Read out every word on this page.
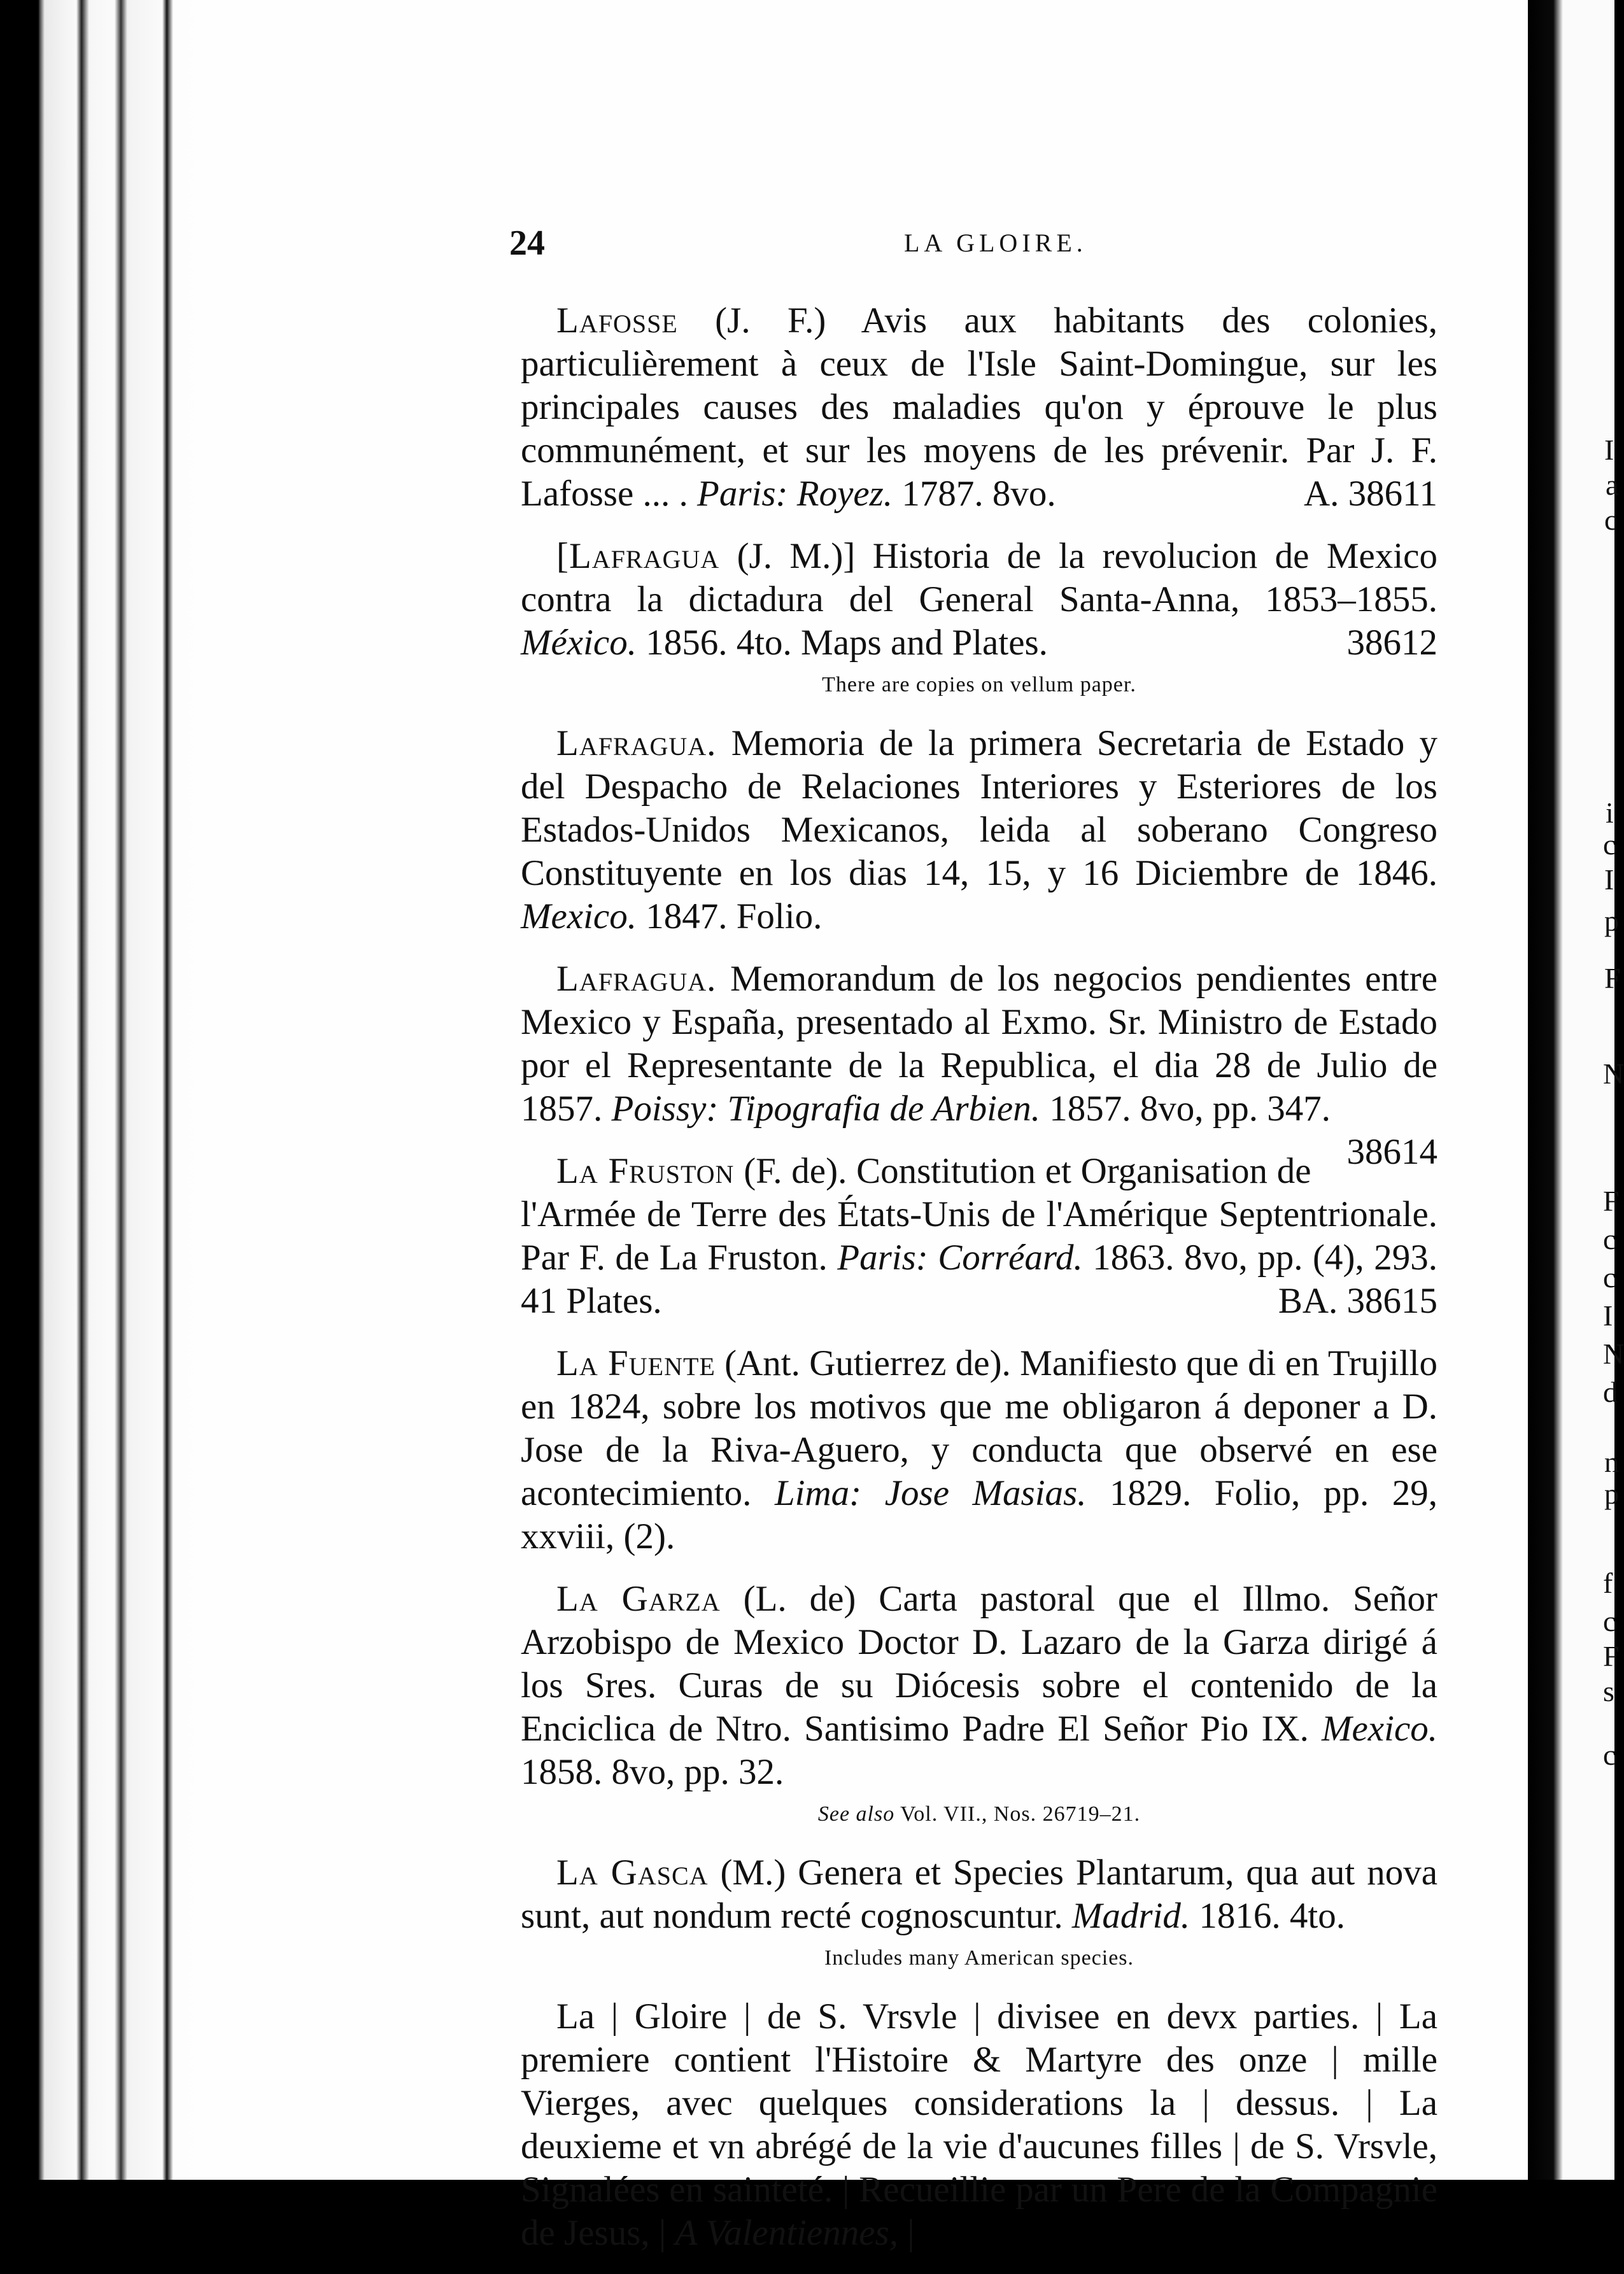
I
a
c
i
c
I
p
F
N
F
c
c
I
N
d
n
p
f
c
F
s
c
24	LA GLOIRE.

Lafosse (J. F.) Avis aux habitants des colonies, particulièrement à ceux de l'Isle Saint-Domingue, sur les principales causes des maladies qu'on y éprouve le plus communément, et sur les moyens de les prévenir. Par J. F. Lafosse ... . Paris: Royez. 1787. 8vo.	A. 38611

[Lafragua (J. M.)] Historia de la revolucion de Mexico contra la dictadura del General Santa-Anna, 1853–1855. México. 1856. 4to. Maps and Plates.	38612

There are copies on vellum paper.

Lafragua. Memoria de la primera Secretaria de Estado y del Despacho de Relaciones Interiores y Esteriores de los Estados-Unidos Mexicanos, leida al soberano Congreso Constituyente en los dias 14, 15, y 16 Diciembre de 1846. Mexico. 1847. Folio.

Lafragua. Memorandum de los negocios pendientes entre Mexico y España, presentado al Exmo. Sr. Ministro de Estado por el Representante de la Republica, el dia 28 de Julio de 1857. Poissy: Tipografia de Arbien. 1857. 8vo, pp. 347.
38614

La Fruston (F. de). Constitution et Organisation de l'Armée de Terre des États-Unis de l'Amérique Septentrionale. Par F. de La Fruston. Paris: Corréard. 1863. 8vo, pp. (4), 293. 41 Plates.	BA. 38615

La Fuente (Ant. Gutierrez de). Manifiesto que di en Trujillo en 1824, sobre los motivos que me obligaron á deponer a D. Jose de la Riva-Aguero, y conducta que observé en ese acontecimiento. Lima: Jose Masias. 1829. Folio, pp. 29, xxviii, (2).

La Garza (L. de) Carta pastoral que el Illmo. Señor Arzobispo de Mexico Doctor D. Lazaro de la Garza dirigé á los Sres. Curas de su Diócesis sobre el contenido de la Enciclica de Ntro. Santisimo Padre El Señor Pio IX. Mexico. 1858. 8vo, pp. 32.

See also Vol. VII., Nos. 26719–21.

La Gasca (M.) Genera et Species Plantarum, qua aut nova sunt, aut nondum recté cognoscuntur. Madrid. 1816. 4to.

Includes many American species.

La | Gloire | de S. Vrsvle | divisee en devx parties. | La premiere contient l'Histoire & Martyre des onze | mille Vierges, avec quelques considerations la | dessus. | La deuxieme et vn abrégé de la vie d'aucunes filles | de S. Vrsvle, Signalées en sainteté. | Recueillie par un Pere de la Compagnie de Jesus, | A Valentiennes, |
